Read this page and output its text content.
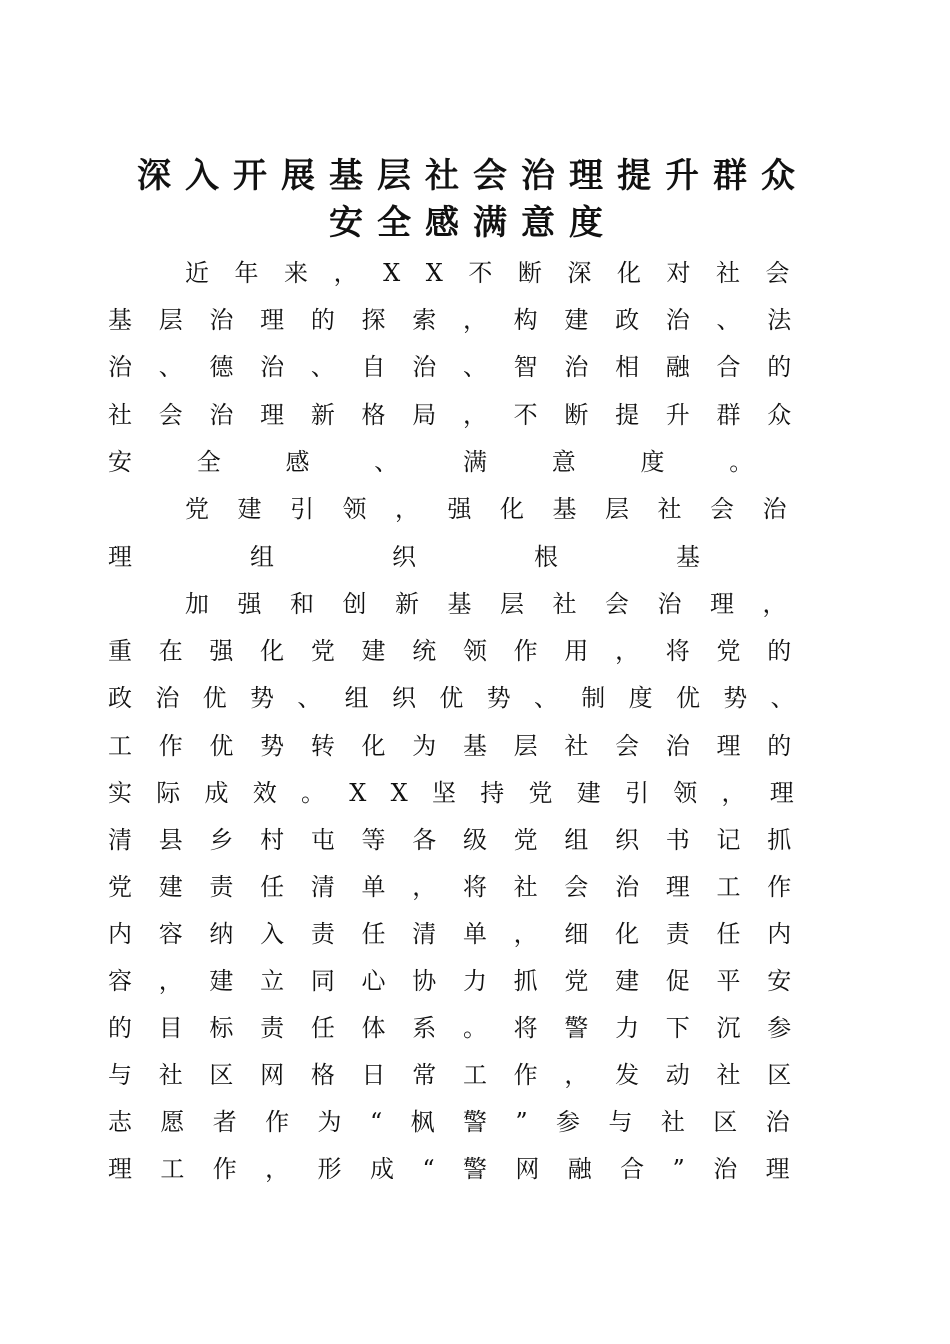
深入开展基层社会治理提升群众
安全感满意度
近年来，XX不断深化对社会
基层治理的探索，构建政治、法
治、德治、自治、智治相融合的
社会治理新格局，不断提升群众
安全感、满意度。
党建引领，强化基层社会治
理组织根基
加强和创新基层社会治理，
重在强化党建统领作用，将党的
政治优势、组织优势、制度优势、
工作优势转化为基层社会治理的
实际成效。XX坚持党建引领，理
清县乡村屯等各级党组织书记抓
党建责任清单，将社会治理工作
内容纳入责任清单，细化责任内
容，建立同心协力抓党建促平安
的目标责任体系。将警力下沉参
与社区网格日常工作，发动社区
志愿者作为“枫警”参与社区治
理工作，形成“警网融合”治理
